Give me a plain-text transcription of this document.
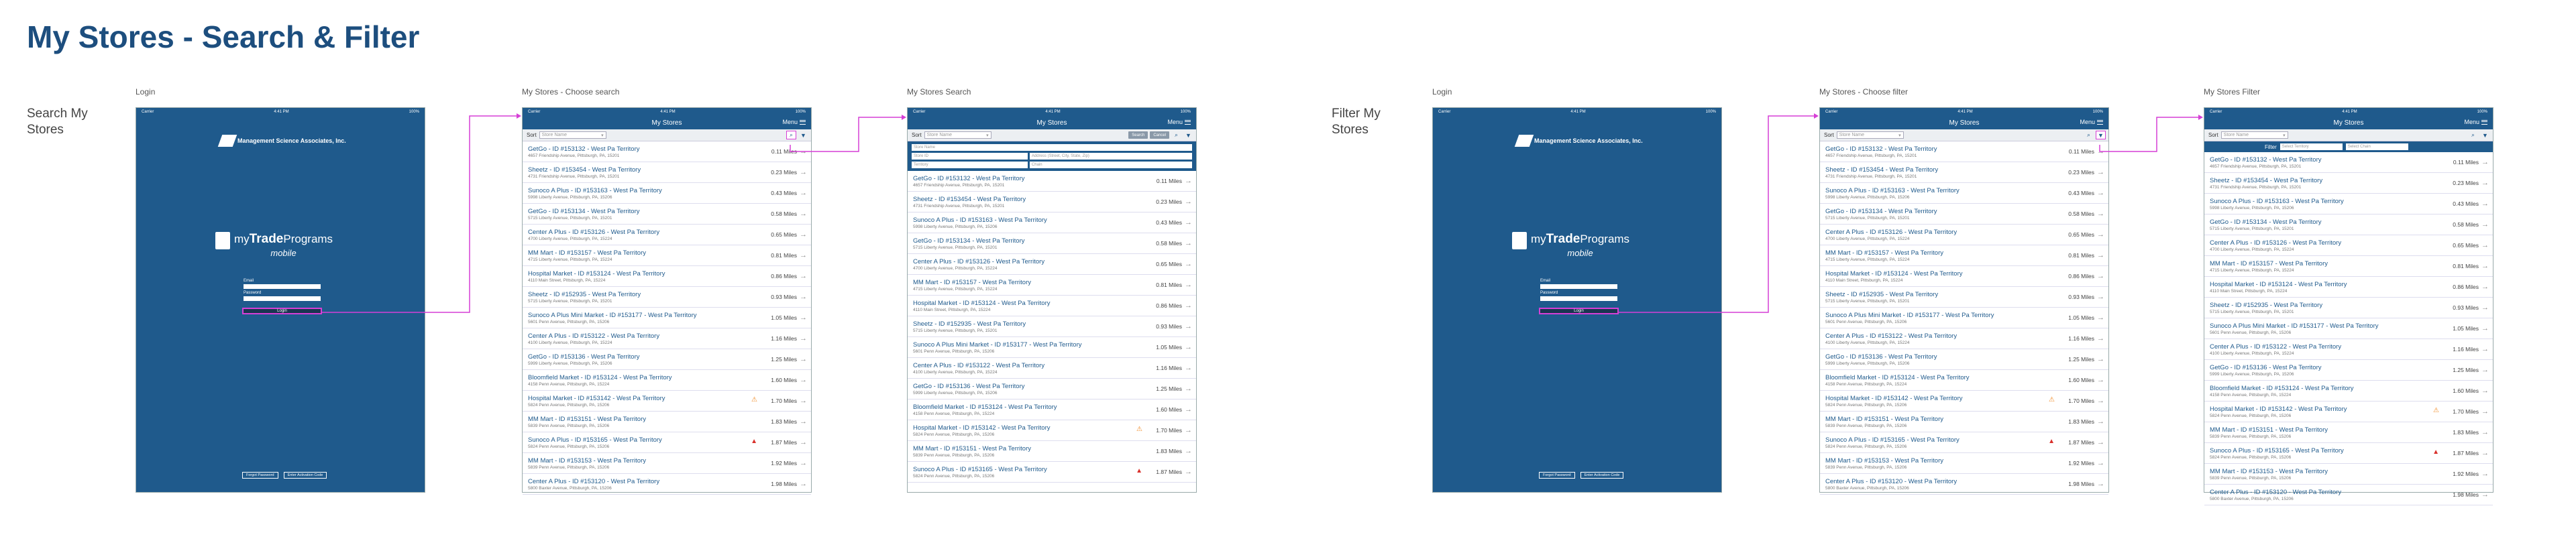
My Stores - Search & Filter
Search My Stores
Filter My Stores
Login	My Stores - Choose search	My Stores Search	Login	My Stores - Choose filter	My Stores Filter
Carrier	4:41 PM	100%
Management Science Associates, Inc.
myTradePrograms
mobile
Email
Password
Login
Forgot Password	Enter Activation Code
Carrier	4:41 PM	100%
Management Science Associates, Inc.
myTradePrograms
mobile
Email
Password
Login
Forgot Password	Enter Activation Code
Carrier	4:41 PM	100%
My Stores	Menu
Sort Store Name	▾	⌕	▼
GetGo - ID #153132 - West Pa Territory
4657 Friendship Avenue, Pittsburgh, PA, 15201
0.11 Miles →
Sheetz - ID #153454 - West Pa Territory
4731 Friendship Avenue, Pittsburgh, PA, 15201
0.23 Miles →
Sunoco A Plus - ID #153163 - West Pa Territory
5998 Liberty Avenue, Pittsburgh, PA, 15206
0.43 Miles →
GetGo - ID #153134 - West Pa Territory
5715 Liberty Avenue, Pittsburgh, PA, 15201
0.58 Miles →
Center A Plus - ID #153126 - West Pa Territory
4700 Liberty Avenue, Pittsburgh, PA, 15224
0.65 Miles →
MM Mart - ID #153157 - West Pa Territory
4715 Liberty Avenue, Pittsburgh, PA, 15224
0.81 Miles →
Hospital Market - ID #153124 - West Pa Territory
4110 Main Street, Pittsburgh, PA, 15224
0.86 Miles →
Sheetz - ID #152935 - West Pa Territory
5715 Liberty Avenue, Pittsburgh, PA, 15201
0.93 Miles →
Sunoco A Plus Mini Market - ID #153177 - West Pa Territory
5601 Penn Avenue, Pittsburgh, PA, 15206
1.05 Miles →
Center A Plus - ID #153122 - West Pa Territory
4100 Liberty Avenue, Pittsburgh, PA, 15224
1.16 Miles →
GetGo - ID #153136 - West Pa Territory
5999 Liberty Avenue, Pittsburgh, PA, 15206
1.25 Miles →
Bloomfield Market - ID #153124 - West Pa Territory
4158 Penn Avenue, Pittsburgh, PA, 15224
1.60 Miles →
Hospital Market - ID #153142 - West Pa Territory
5824 Penn Avenue, Pittsburgh, PA, 15206
⚠ 1.70 Miles →
MM Mart - ID #153151 - West Pa Territory
5839 Penn Avenue, Pittsburgh, PA, 15206
1.83 Miles →
Sunoco A Plus - ID #153165 - West Pa Territory
5824 Penn Avenue, Pittsburgh, PA, 15206
▲ 1.87 Miles →
MM Mart - ID #153153 - West Pa Territory
5839 Penn Avenue, Pittsburgh, PA, 15206
1.92 Miles →
Center A Plus - ID #153120 - West Pa Territory
5800 Baxter Avenue, Pittsburgh, PA, 15206
1.98 Miles →
Carrier	4:41 PM	100%
My Stores	Menu
Sort Store Name	▾	Search	Cancel	⌕	▼
Store Name
Store ID	Address (Street, City, State, Zip)
Territory	Chain
GetGo - ID #153132 - West Pa Territory
4657 Friendship Avenue, Pittsburgh, PA, 15201
0.11 Miles →
Sheetz - ID #153454 - West Pa Territory
4731 Friendship Avenue, Pittsburgh, PA, 15201
0.23 Miles →
Sunoco A Plus - ID #153163 - West Pa Territory
5998 Liberty Avenue, Pittsburgh, PA, 15206
0.43 Miles →
GetGo - ID #153134 - West Pa Territory
5715 Liberty Avenue, Pittsburgh, PA, 15201
0.58 Miles →
Center A Plus - ID #153126 - West Pa Territory
4700 Liberty Avenue, Pittsburgh, PA, 15224
0.65 Miles →
MM Mart - ID #153157 - West Pa Territory
4715 Liberty Avenue, Pittsburgh, PA, 15224
0.81 Miles →
Hospital Market - ID #153124 - West Pa Territory
4110 Main Street, Pittsburgh, PA, 15224
0.86 Miles →
Sheetz - ID #152935 - West Pa Territory
5715 Liberty Avenue, Pittsburgh, PA, 15201
0.93 Miles →
Sunoco A Plus Mini Market - ID #153177 - West Pa Territory
5601 Penn Avenue, Pittsburgh, PA, 15206
1.05 Miles →
Center A Plus - ID #153122 - West Pa Territory
4100 Liberty Avenue, Pittsburgh, PA, 15224
1.16 Miles →
GetGo - ID #153136 - West Pa Territory
5999 Liberty Avenue, Pittsburgh, PA, 15206
1.25 Miles →
Bloomfield Market - ID #153124 - West Pa Territory
4158 Penn Avenue, Pittsburgh, PA, 15224
1.60 Miles →
Hospital Market - ID #153142 - West Pa Territory
5824 Penn Avenue, Pittsburgh, PA, 15206
⚠ 1.70 Miles →
MM Mart - ID #153151 - West Pa Territory
5839 Penn Avenue, Pittsburgh, PA, 15206
1.83 Miles →
Sunoco A Plus - ID #153165 - West Pa Territory
5824 Penn Avenue, Pittsburgh, PA, 15206
▲ 1.87 Miles →
Carrier	4:41 PM	100%
My Stores	Menu
Sort Store Name	▾	⌕	▼
GetGo - ID #153132 - West Pa Territory
4657 Friendship Avenue, Pittsburgh, PA, 15201
0.11 Miles →
Sheetz - ID #153454 - West Pa Territory
4731 Friendship Avenue, Pittsburgh, PA, 15201
0.23 Miles →
Sunoco A Plus - ID #153163 - West Pa Territory
5998 Liberty Avenue, Pittsburgh, PA, 15206
0.43 Miles →
GetGo - ID #153134 - West Pa Territory
5715 Liberty Avenue, Pittsburgh, PA, 15201
0.58 Miles →
Center A Plus - ID #153126 - West Pa Territory
4700 Liberty Avenue, Pittsburgh, PA, 15224
0.65 Miles →
MM Mart - ID #153157 - West Pa Territory
4715 Liberty Avenue, Pittsburgh, PA, 15224
0.81 Miles →
Hospital Market - ID #153124 - West Pa Territory
4110 Main Street, Pittsburgh, PA, 15224
0.86 Miles →
Sheetz - ID #152935 - West Pa Territory
5715 Liberty Avenue, Pittsburgh, PA, 15201
0.93 Miles →
Sunoco A Plus Mini Market - ID #153177 - West Pa Territory
5601 Penn Avenue, Pittsburgh, PA, 15206
1.05 Miles →
Center A Plus - ID #153122 - West Pa Territory
4100 Liberty Avenue, Pittsburgh, PA, 15224
1.16 Miles →
GetGo - ID #153136 - West Pa Territory
5999 Liberty Avenue, Pittsburgh, PA, 15206
1.25 Miles →
Bloomfield Market - ID #153124 - West Pa Territory
4158 Penn Avenue, Pittsburgh, PA, 15224
1.60 Miles →
Hospital Market - ID #153142 - West Pa Territory
5824 Penn Avenue, Pittsburgh, PA, 15206
⚠ 1.70 Miles →
MM Mart - ID #153151 - West Pa Territory
5839 Penn Avenue, Pittsburgh, PA, 15206
1.83 Miles →
Sunoco A Plus - ID #153165 - West Pa Territory
5824 Penn Avenue, Pittsburgh, PA, 15206
▲ 1.87 Miles →
MM Mart - ID #153153 - West Pa Territory
5839 Penn Avenue, Pittsburgh, PA, 15206
1.92 Miles →
Center A Plus - ID #153120 - West Pa Territory
5800 Baxter Avenue, Pittsburgh, PA, 15206
1.98 Miles →
Carrier	4:41 PM	100%
My Stores	Menu
Sort Store Name	▾	⌕	▼
Filter	Select Territory	Select Chain
GetGo - ID #153132 - West Pa Territory
4657 Friendship Avenue, Pittsburgh, PA, 15201
0.11 Miles →
Sheetz - ID #153454 - West Pa Territory
4731 Friendship Avenue, Pittsburgh, PA, 15201
0.23 Miles →
Sunoco A Plus - ID #153163 - West Pa Territory
5998 Liberty Avenue, Pittsburgh, PA, 15206
0.43 Miles →
GetGo - ID #153134 - West Pa Territory
5715 Liberty Avenue, Pittsburgh, PA, 15201
0.58 Miles →
Center A Plus - ID #153126 - West Pa Territory
4700 Liberty Avenue, Pittsburgh, PA, 15224
0.65 Miles →
MM Mart - ID #153157 - West Pa Territory
4715 Liberty Avenue, Pittsburgh, PA, 15224
0.81 Miles →
Hospital Market - ID #153124 - West Pa Territory
4110 Main Street, Pittsburgh, PA, 15224
0.86 Miles →
Sheetz - ID #152935 - West Pa Territory
5715 Liberty Avenue, Pittsburgh, PA, 15201
0.93 Miles →
Sunoco A Plus Mini Market - ID #153177 - West Pa Territory
5601 Penn Avenue, Pittsburgh, PA, 15206
1.05 Miles →
Center A Plus - ID #153122 - West Pa Territory
4100 Liberty Avenue, Pittsburgh, PA, 15224
1.16 Miles →
GetGo - ID #153136 - West Pa Territory
5999 Liberty Avenue, Pittsburgh, PA, 15206
1.25 Miles →
Bloomfield Market - ID #153124 - West Pa Territory
4158 Penn Avenue, Pittsburgh, PA, 15224
1.60 Miles →
Hospital Market - ID #153142 - West Pa Territory
5824 Penn Avenue, Pittsburgh, PA, 15206
⚠ 1.70 Miles →
MM Mart - ID #153151 - West Pa Territory
5839 Penn Avenue, Pittsburgh, PA, 15206
1.83 Miles →
Sunoco A Plus - ID #153165 - West Pa Territory
5824 Penn Avenue, Pittsburgh, PA, 15206
▲ 1.87 Miles →
MM Mart - ID #153153 - West Pa Territory
5839 Penn Avenue, Pittsburgh, PA, 15206
1.92 Miles →
Center A Plus - ID #153120 - West Pa Territory
5800 Baxter Avenue, Pittsburgh, PA, 15206
1.98 Miles →
